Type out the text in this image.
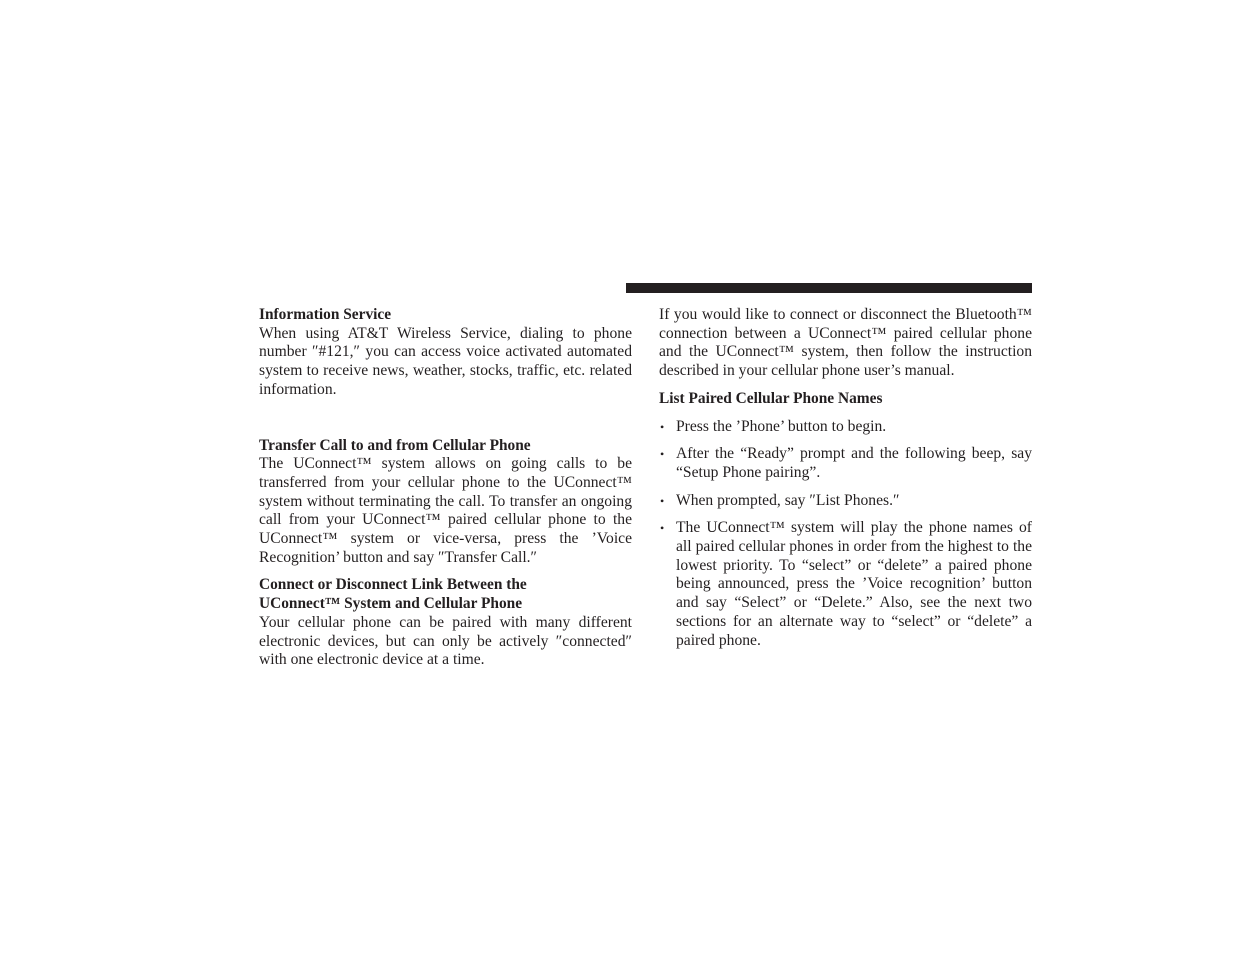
Information Service

When using AT&T Wireless Service, dialing to phone number ″#121,″ you can access voice activated automated system to receive news, weather, stocks, traffic, etc. related information.

Transfer Call to and from Cellular Phone

The UConnect™ system allows on going calls to be transferred from your cellular phone to the UConnect™ system without terminating the call. To transfer an ongoing call from your UConnect™ paired cellular phone to the UConnect™ system or vice-versa, press the ’Voice Recognition’ button and say ″Transfer Call.″

Connect or Disconnect Link Between the UConnect™ System and Cellular Phone

Your cellular phone can be paired with many different electronic devices, but can only be actively ″connected″ with one electronic device at a time.

If you would like to connect or disconnect the Bluetooth™ connection between a UConnect™ paired cellular phone and the UConnect™ system, then follow the instruction described in your cellular phone user’s manual.

List Paired Cellular Phone Names

• Press the ’Phone’ button to begin.
• After the “Ready” prompt and the following beep, say “Setup Phone pairing”.
• When prompted, say ″List Phones.″
• The UConnect™ system will play the phone names of all paired cellular phones in order from the highest to the lowest priority. To “select” or “delete” a paired phone being announced, press the ’Voice recognition’ button and say “Select” or “Delete.” Also, see the next two sections for an alternate way to “select” or “delete” a paired phone.
